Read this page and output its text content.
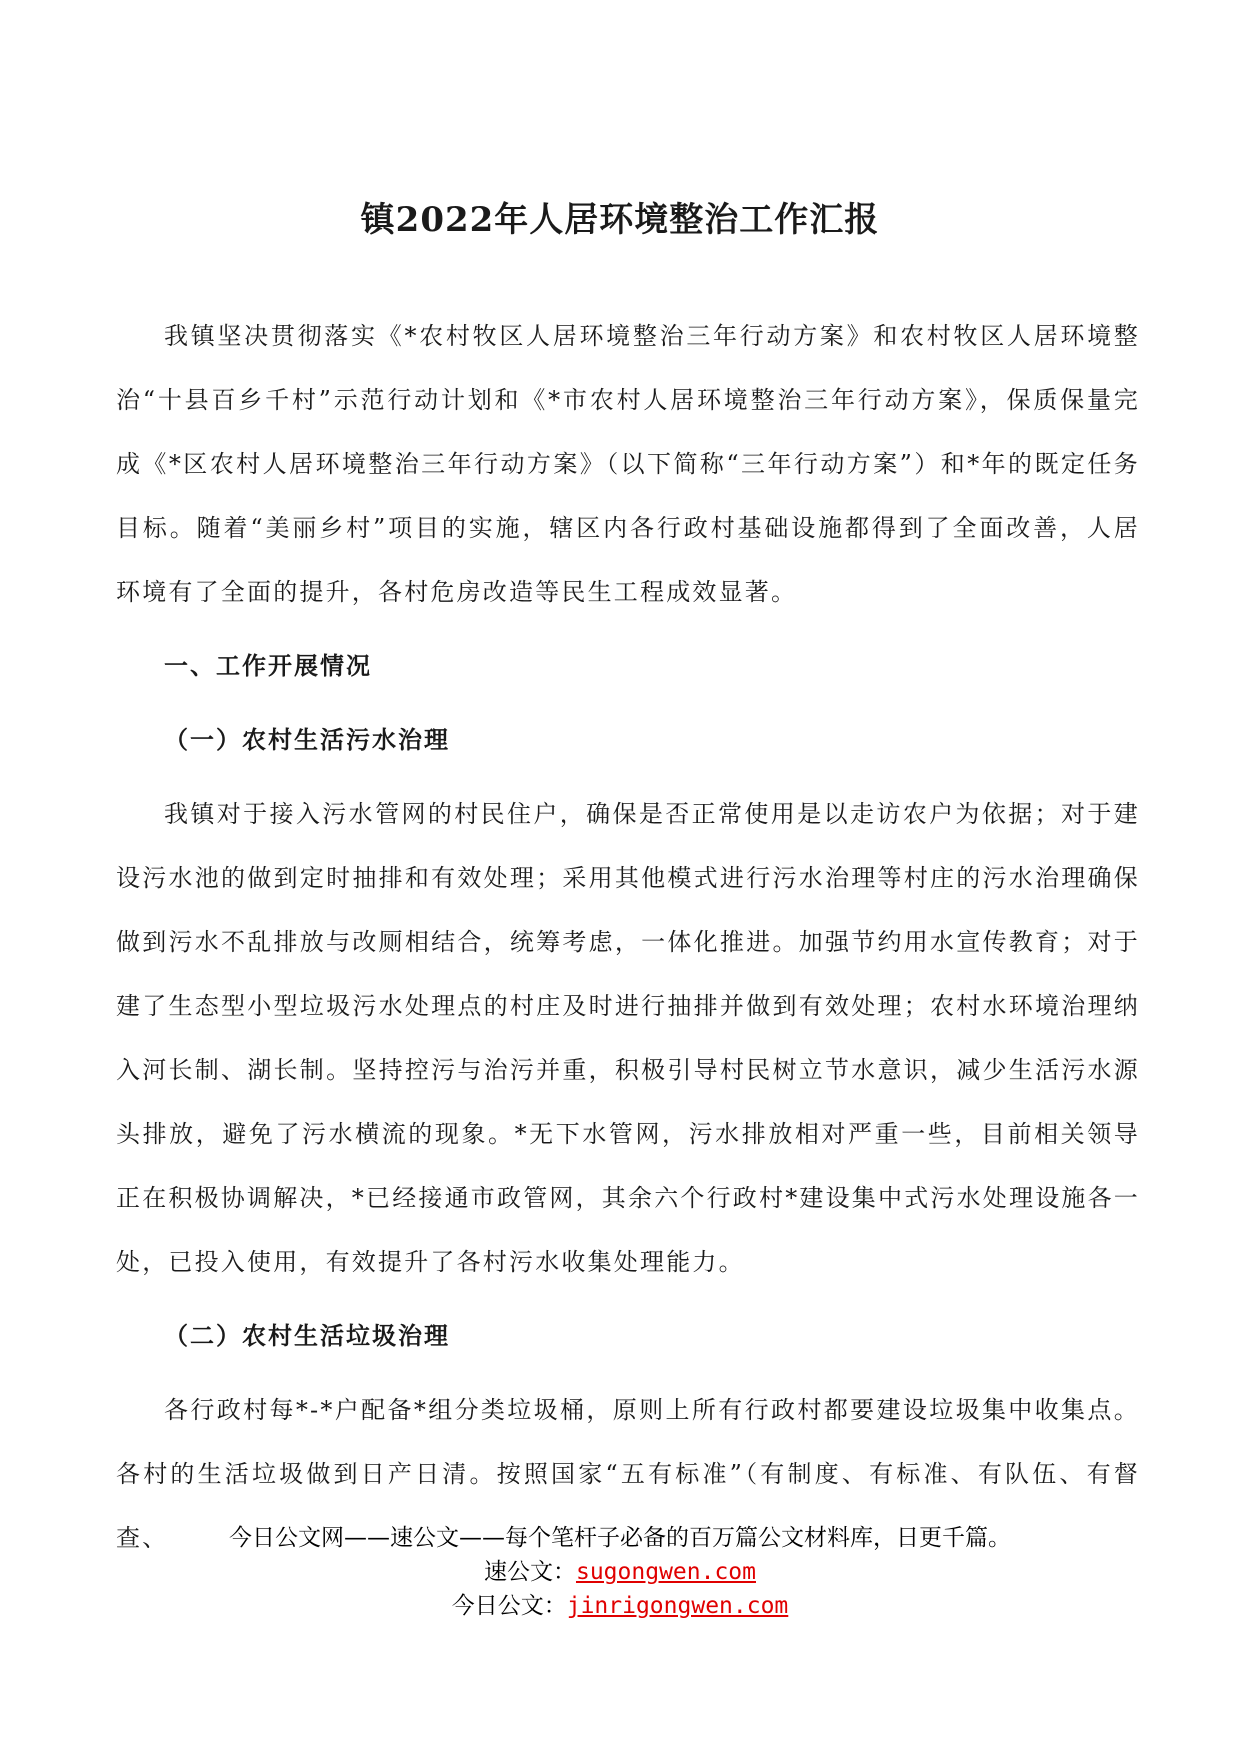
镇2022年人居环境整治工作汇报

我镇坚决贯彻落实《*农村牧区人居环境整治三年行动方案》和农村牧区人居环境整治“十县百乡千村”示范行动计划和《*市农村人居环境整治三年行动方案》，保质保量完成《*区农村人居环境整治三年行动方案》（以下简称“三年行动方案”）和*年的既定任务目标。随着“美丽乡村”项目的实施，辖区内各行政村基础设施都得到了全面改善，人居环境有了全面的提升，各村危房改造等民生工程成效显著。

一、工作开展情况

（一）农村生活污水治理

我镇对于接入污水管网的村民住户，确保是否正常使用是以走访农户为依据；对于建设污水池的做到定时抽排和有效处理；采用其他模式进行污水治理等村庄的污水治理确保做到污水不乱排放与改厕相结合，统筹考虑，一体化推进。加强节约用水宣传教育；对于建了生态型小型垃圾污水处理点的村庄及时进行抽排并做到有效处理；农村水环境治理纳入河长制、湖长制。坚持控污与治污并重，积极引导村民树立节水意识，减少生活污水源头排放，避免了污水横流的现象。*无下水管网，污水排放相对严重一些，目前相关领导正在积极协调解决，*已经接通市政管网，其余六个行政村*建设集中式污水处理设施各一处，已投入使用，有效提升了各村污水收集处理能力。

（二）农村生活垃圾治理

各行政村每*-*户配备*组分类垃圾桶，原则上所有行政村都要建设垃圾集中收集点。各村的生活垃圾做到日产日清。按照国家“五有标准”（有制度、有标准、有队伍、有督查、	今日公文网——速公文——每个笔杆子必备的百万篇公文材料库，日更千篇。
速公文：sugongwen.com
今日公文：jinrigongwen.com
